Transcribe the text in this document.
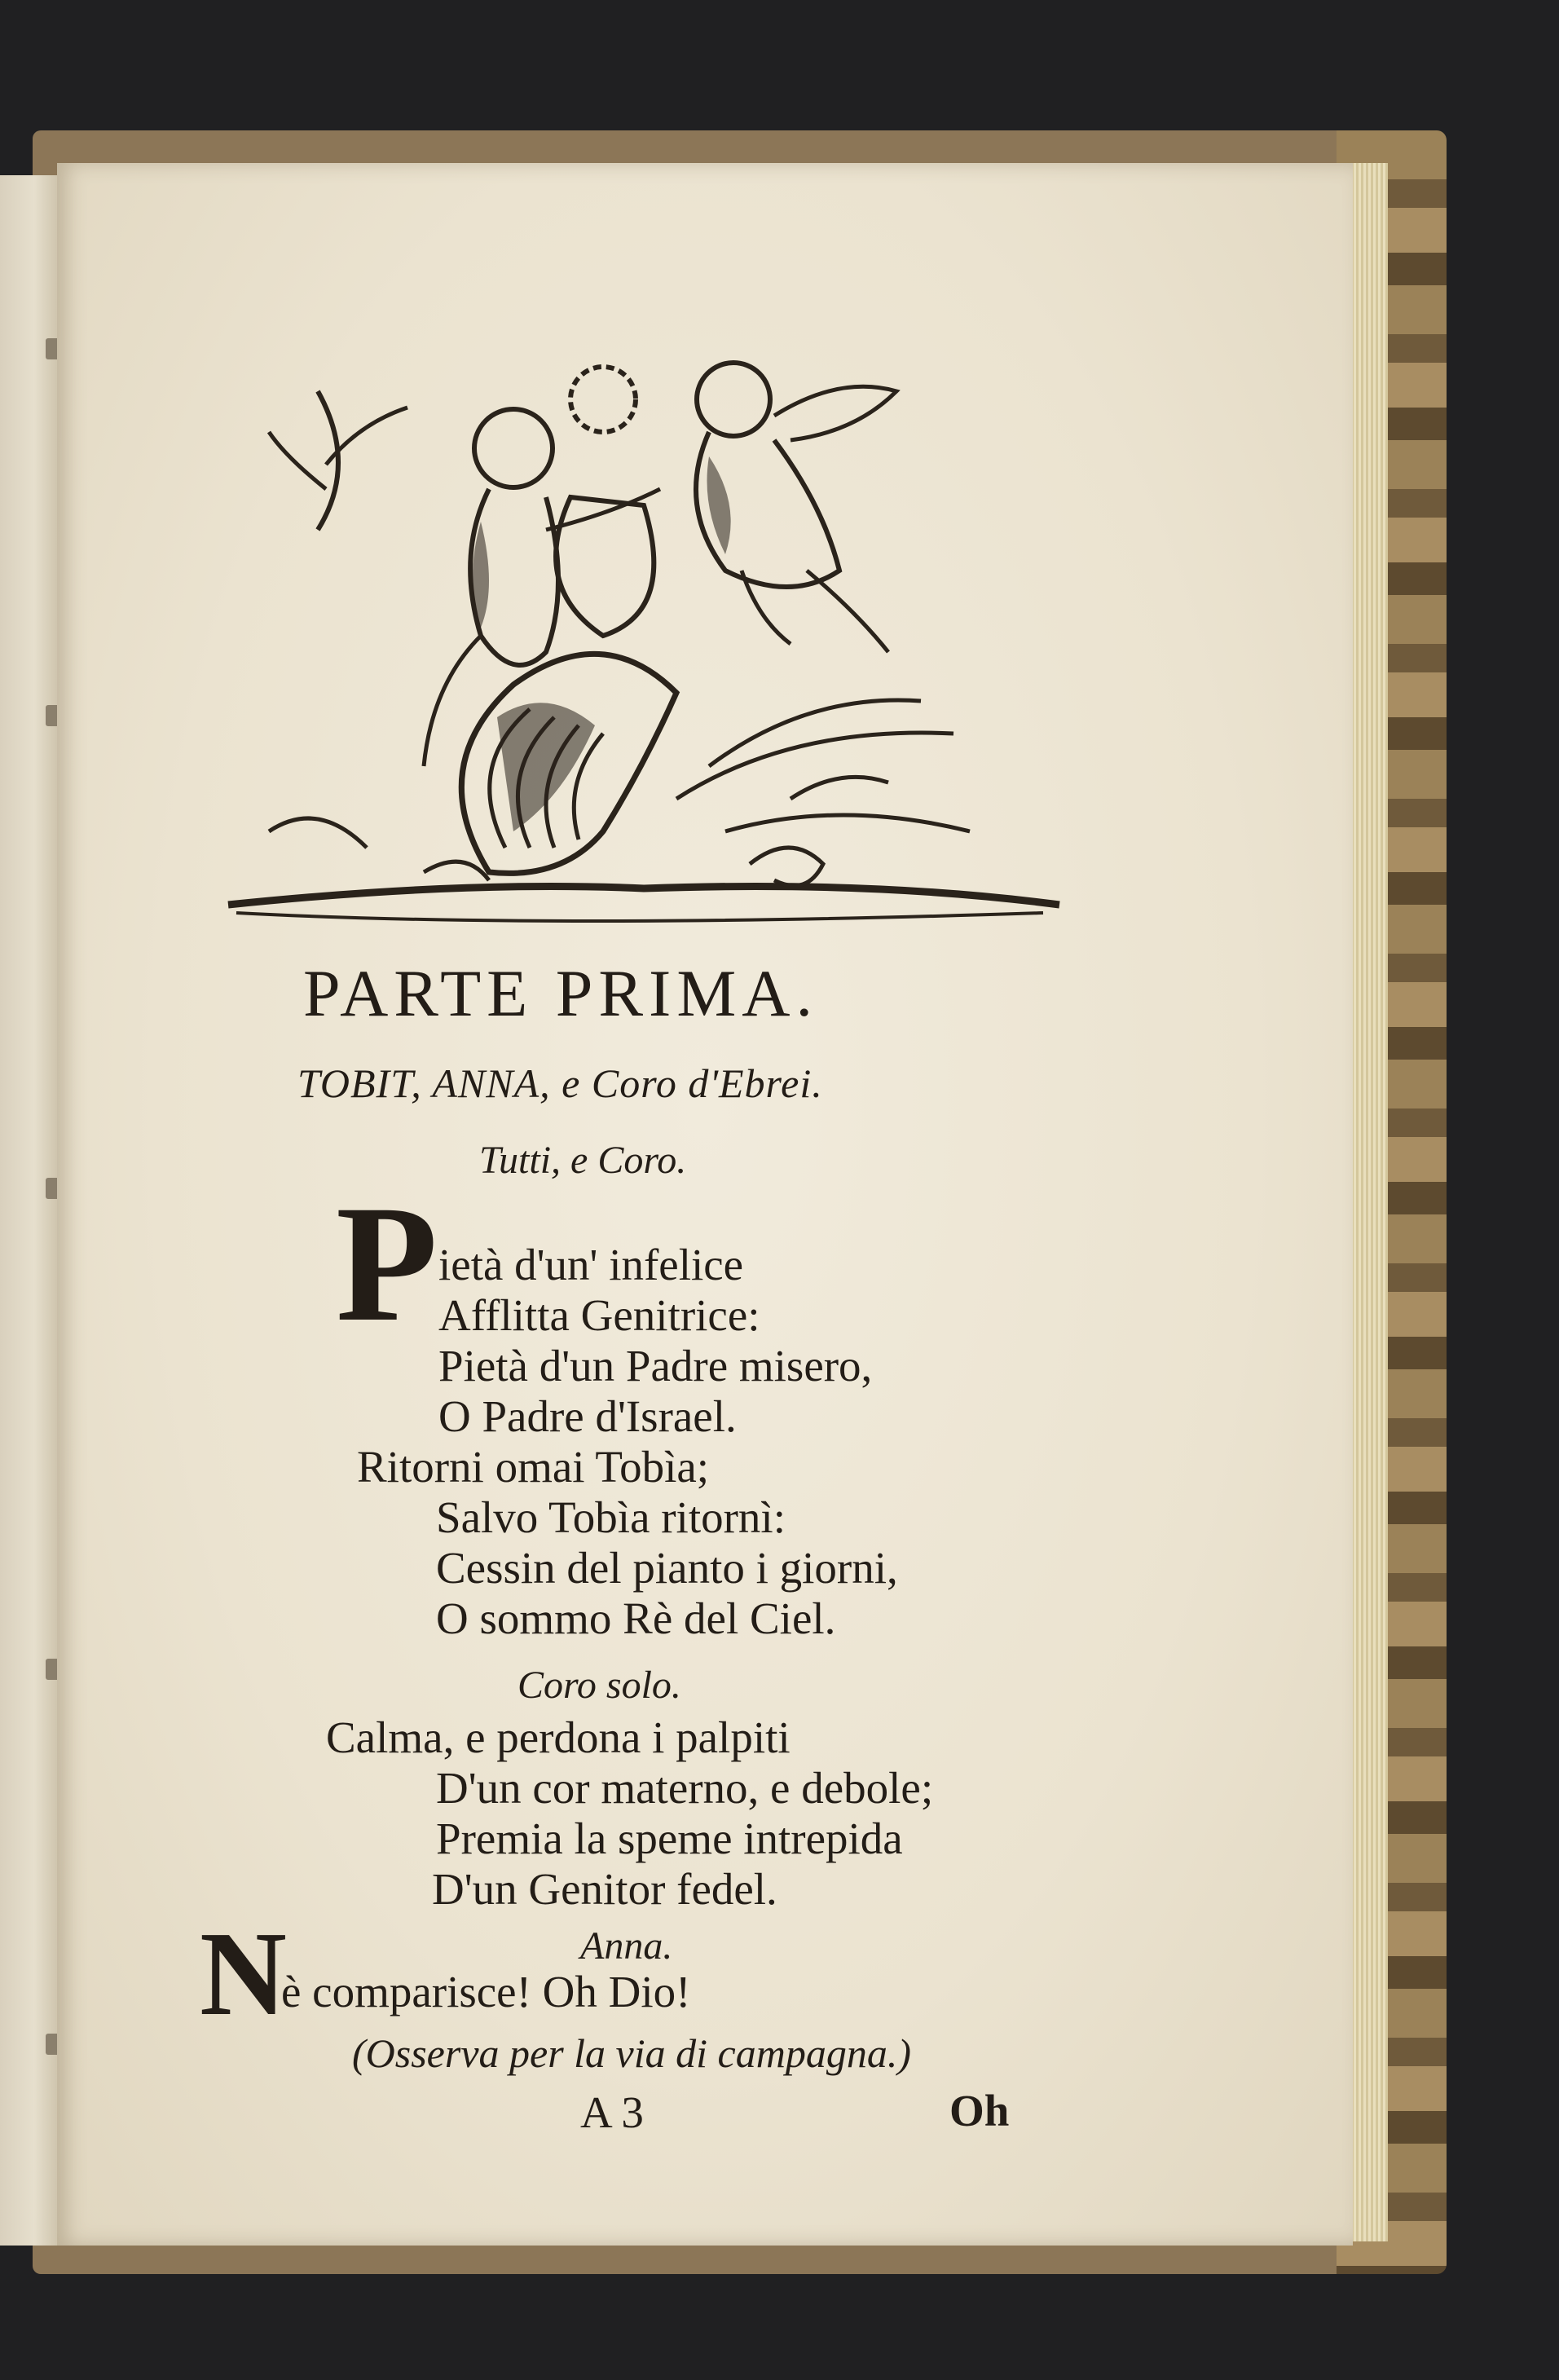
PARTE PRIMA.
TOBIT, ANNA, e Coro d'Ebrei.
Tutti, e Coro.
P ietà d'un' infelice
Afflitta Genitrice:
Pietà d'un Padre misero,
O Padre d'Israel.
Ritorni omai Tobìa;
Salvo Tobìa ritornì:
Cessin del pianto i giorni,
O sommo Rè del Ciel.
Coro solo.
Calma, e perdona i palpiti
D'un cor materno, e debole;
Premia la speme intrepida
D'un Genitor fedel.
Anna.
N
è comparisce! Oh Dio!
(Osserva per la via di campagna.)
A 3	Oh
